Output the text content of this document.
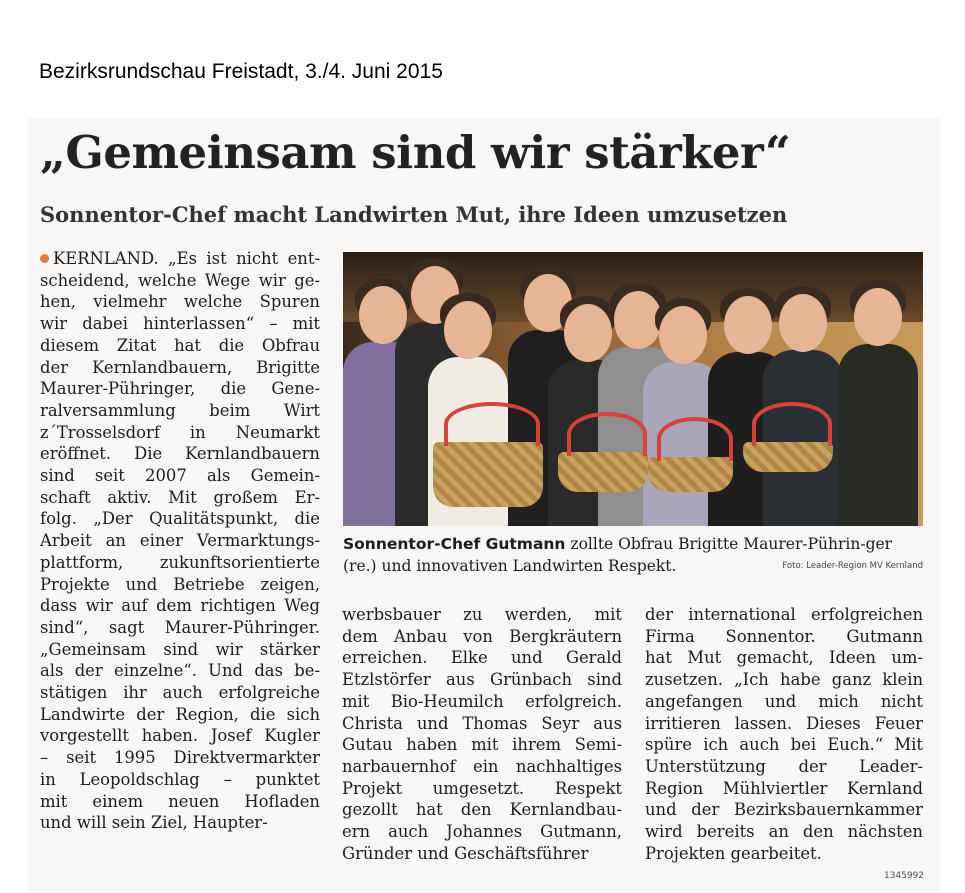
Bezirksrundschau Freistadt, 3./4. Juni 2015
„Gemeinsam sind wir stärker“
Sonnentor-Chef macht Landwirten Mut, ihre Ideen umzusetzen
KERNLAND. „Es ist nicht ent-
scheidend, welche Wege wir ge-
hen, vielmehr welche Spuren
wir dabei hinterlassen“ – mit
diesem Zitat hat die Obfrau
der Kernlandbauern, Brigitte
Maurer-Pühringer, die Gene-
ralversammlung beim Wirt
z´Trosselsdorf in Neumarkt
eröffnet. Die Kernlandbauern
sind seit 2007 als Gemein-
schaft aktiv. Mit großem Er-
folg. „Der Qualitätspunkt, die
Arbeit an einer Vermarktungs-
plattform, zukunftsorientierte
Projekte und Betriebe zeigen,
dass wir auf dem richtigen Weg
sind“, sagt Maurer-Pühringer.
„Gemeinsam sind wir stärker
als der einzelne“. Und das be-
stätigen ihr auch erfolgreiche
Landwirte der Region, die sich
vorgestellt haben. Josef Kugler
– seit 1995 Direktvermarkter
in Leopoldschlag – punktet
mit einem neuen Hofladen
und will sein Ziel, Haupter-
Sonnentor-Chef Gutmann zollte Obfrau Brigitte Maurer-Pührin-ger (re.) und innovativen Landwirten Respekt.	Foto: Leader-Region MV Kernland
werbsbauer zu werden, mit
dem Anbau von Bergkräutern
erreichen. Elke und Gerald
Etzlstörfer aus Grünbach sind
mit Bio-Heumilch erfolgreich.
Christa und Thomas Seyr aus
Gutau haben mit ihrem Semi-
narbauernhof ein nachhaltiges
Projekt umgesetzt. Respekt
gezollt hat den Kernlandbau-
ern auch Johannes Gutmann,
Gründer und Geschäftsführer
der international erfolgreichen
Firma Sonnentor. Gutmann
hat Mut gemacht, Ideen um-
zusetzen. „Ich habe ganz klein
angefangen und mich nicht
irritieren lassen. Dieses Feuer
spüre ich auch bei Euch.“ Mit
Unterstützung der Leader-
Region Mühlviertler Kernland
und der Bezirksbauernkammer
wird bereits an den nächsten
Projekten gearbeitet.
1345992
